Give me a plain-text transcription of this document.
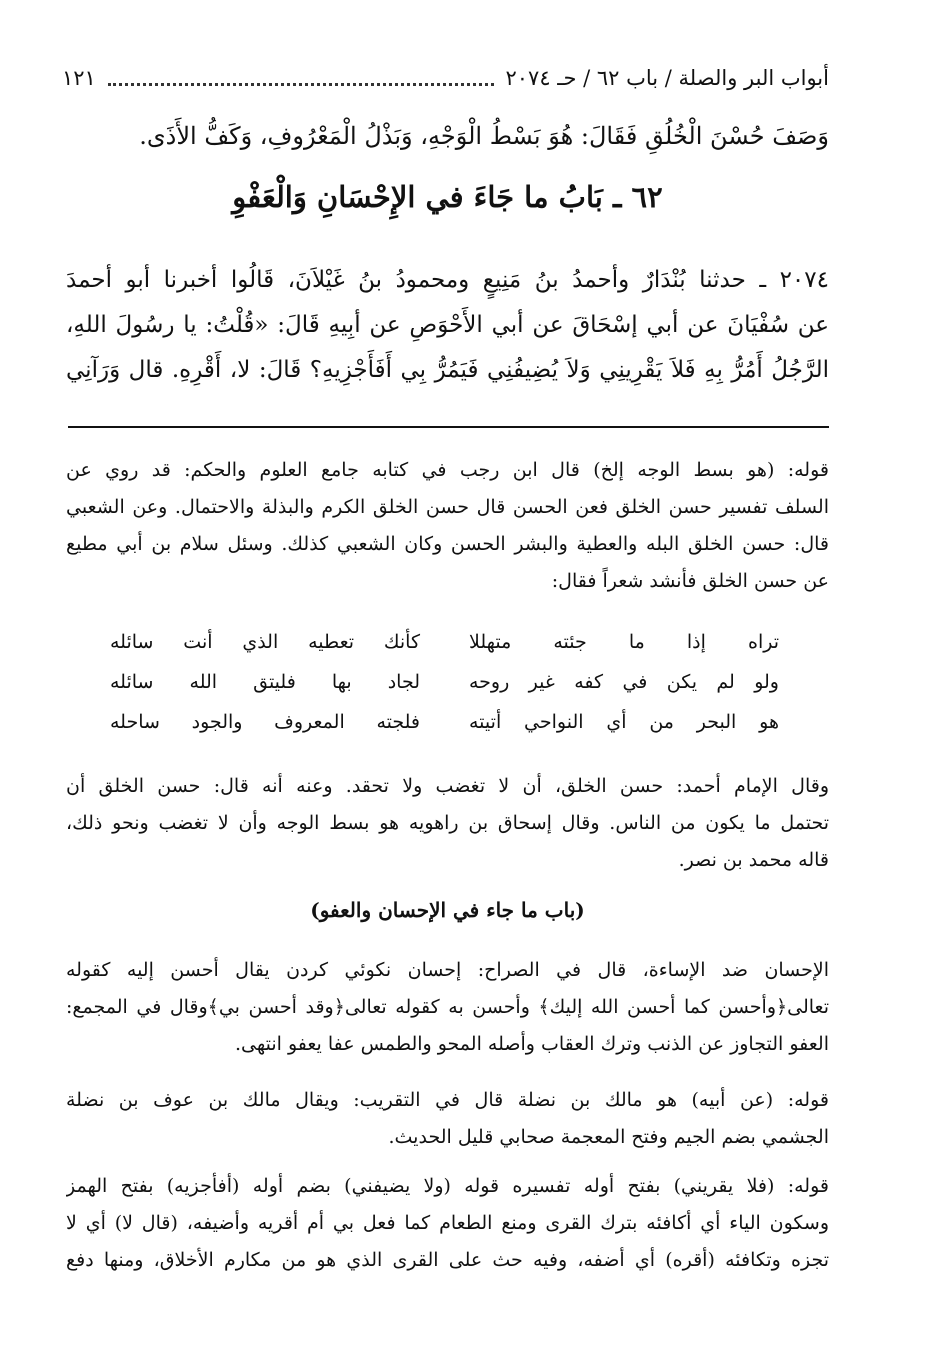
أبواب البر والصلة / باب ٦٢ / حـ ٢٠٧٤
١٢١
وَصَفَ حُسْنَ الْخُلُقِ فَقَالَ: هُوَ بَسْطُ الْوَجْهِ، وَبَذْلُ الْمَعْرُوفِ، وَكَفُّ الأَذَى.
٦٢ ـ بَابُ ما جَاءَ في الإِحْسَانِ وَالْعَفْوِ
٢٠٧٤ ـ حدثنا بُنْدَارٌ وأحمدُ بنُ مَنِيعٍ ومحمودُ بنُ غَيْلاَنَ، قَالُوا أخبرنا أبو أحمدَ
عن سُفْيَانَ عن أبي إسْحَاقَ عن أبي الأَحْوَصِ عن أبِيهِ قَالَ: «قُلْتُ: يا رسُولَ اللهِ،
الرَّجُلُ أَمُرُّ بِهِ فَلاَ يَقْرِينِي وَلاَ يُضِيفُنِي فَيَمُرُّ بِي أَفَأَجْزِيهِ؟ قَالَ: لا، أَقْرِهِ. قال وَرَآنِي
قوله: (هو بسط الوجه إلخ) قال ابن رجب في كتابه جامع العلوم والحكم: قد روي عن
السلف تفسير حسن الخلق فعن الحسن قال حسن الخلق الكرم والبذلة والاحتمال. وعن الشعبي
قال: حسن الخلق البله والعطية والبشر الحسن وكان الشعبي كذلك. وسئل سلام بن أبي مطيع
عن حسن الخلق فأنشد شعراً فقال:
تراه إذا ما جئته متهللا
كأنك تعطيه الذي أنت سائله
ولو لم يكن في كفه غير روحه
لجاد بها فليتق الله سائله
هو البحر من أي النواحي أتيته
فلجته المعروف والجود ساحله
وقال الإمام أحمد: حسن الخلق، أن لا تغضب ولا تحقد. وعنه أنه قال: حسن الخلق أن
تحتمل ما يكون من الناس. وقال إسحاق بن راهويه هو بسط الوجه وأن لا تغضب ونحو ذلك،
قاله محمد بن نصر.
(باب ما جاء في الإحسان والعفو)
الإحسان ضد الإساءة، قال في الصراح: إحسان نكوئي كردن يقال أحسن إليه كقوله
تعالى﴿وأحسن كما أحسن الله إليك﴾ وأحسن به كقوله تعالى﴿وقد أحسن بي﴾وقال في المجمع:
العفو التجاوز عن الذنب وترك العقاب وأصله المحو والطمس عفا يعفو انتهى.
قوله: (عن أبيه) هو مالك بن نضلة قال في التقريب: ويقال مالك بن عوف بن نضلة
الجشمي بضم الجيم وفتح المعجمة صحابي قليل الحديث.
قوله: (فلا يقريني) بفتح أوله تفسيره قوله (ولا يضيفني) بضم أوله (أفأجزيه) بفتح الهمز
وسكون الياء أي أكافئه بترك القرى ومنع الطعام كما فعل بي أم أقريه وأضيفه، (قال لا) أي لا
تجزه وتكافئه (أقره) أي أضفه، وفيه حث على القرى الذي هو من مكارم الأخلاق، ومنها دفع
